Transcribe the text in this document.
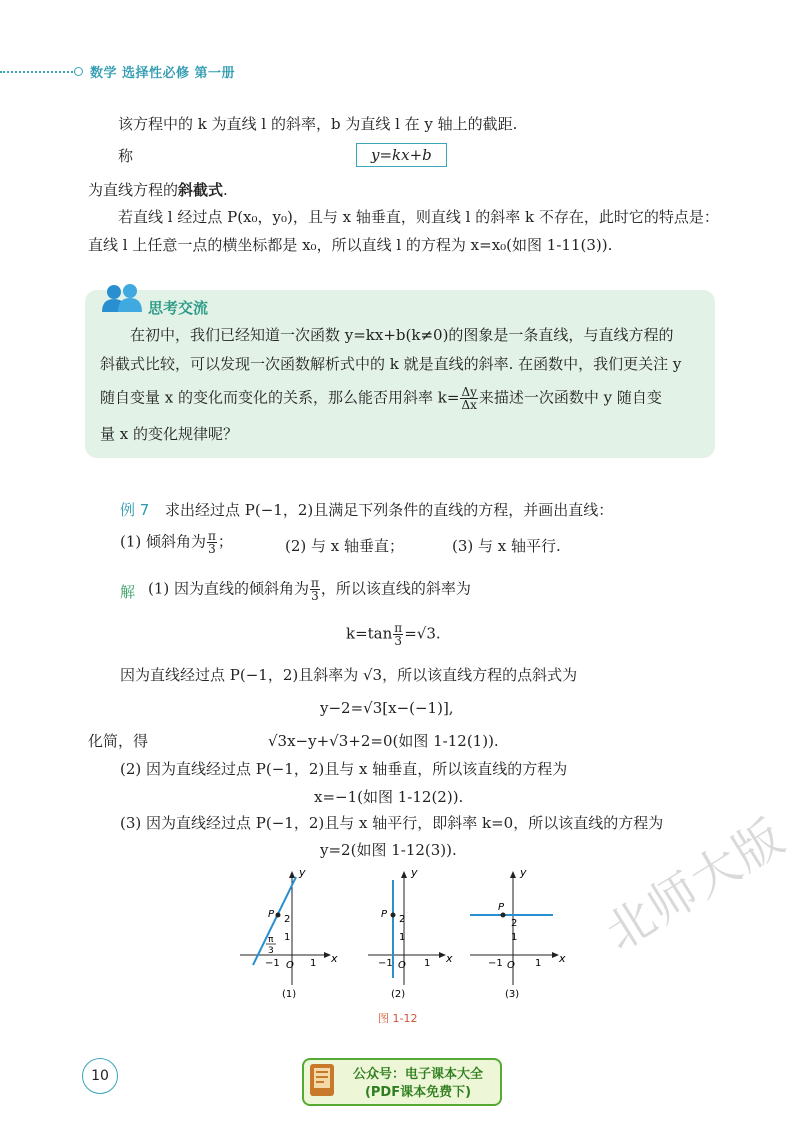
数学 选择性必修 第一册
该方程中的 k 为直线 l 的斜率，b 为直线 l 在 y 轴上的截距.
称	y=kx+b
为直线方程的斜截式.
若直线 l 经过点 P(x₀，y₀)，且与 x 轴垂直，则直线 l 的斜率 k 不存在，此时它的特点是：
直线 l 上任意一点的横坐标都是 x₀，所以直线 l 的方程为 x=x₀(如图 1-11(3)).
思考交流
在初中，我们已经知道一次函数 y=kx+b(k≠0)的图象是一条直线，与直线方程的
斜截式比较，可以发现一次函数解析式中的 k 就是直线的斜率. 在函数中，我们更关注 y
随自变量 x 的变化而变化的关系，那么能否用斜率 $k= \frac{\Delta y}{\Delta x}$ 来描述一次函数中 y 随自变
量 x 的变化规律呢？
例 7 求出经过点 P(−1，2)且满足下列条件的直线的方程，并画出直线：
(1) 倾斜角为 $\frac{\pi}{3}$ ；	(2) 与 x 轴垂直；	(3) 与 x 轴平行.
解 (1) 因为直线的倾斜角为 $\frac{\pi}{3}$ ，所以该直线的斜率为
$k=\tan \frac{\pi}{3} =√3$.
因为直线经过点 P(−1，2)且斜率为 √3，所以该直线方程的点斜式为
y−2=√3[x−(−1)],
化简，得	√3x−y+√3+2=0(如图 1-12(1)).
(2) 因为直线经过点 P(−1，2)且与 x 轴垂直，所以该直线的方程为
x=−1(如图 1-12(2)).
(3) 因为直线经过点 P(−1，2)且与 x 轴平行，即斜率 k=0，所以该直线的方程为
y=2(如图 1-12(3)).
y
x
O
−1	1
2
1
P
π
3
(1)
y
x
O
−1	1
2
1
P
(2)
y
x
O
−1	1
2
1
P
(3)
图 1-12
北师大版
10	公众号：电子课本大全
(PDF课本免费下)
